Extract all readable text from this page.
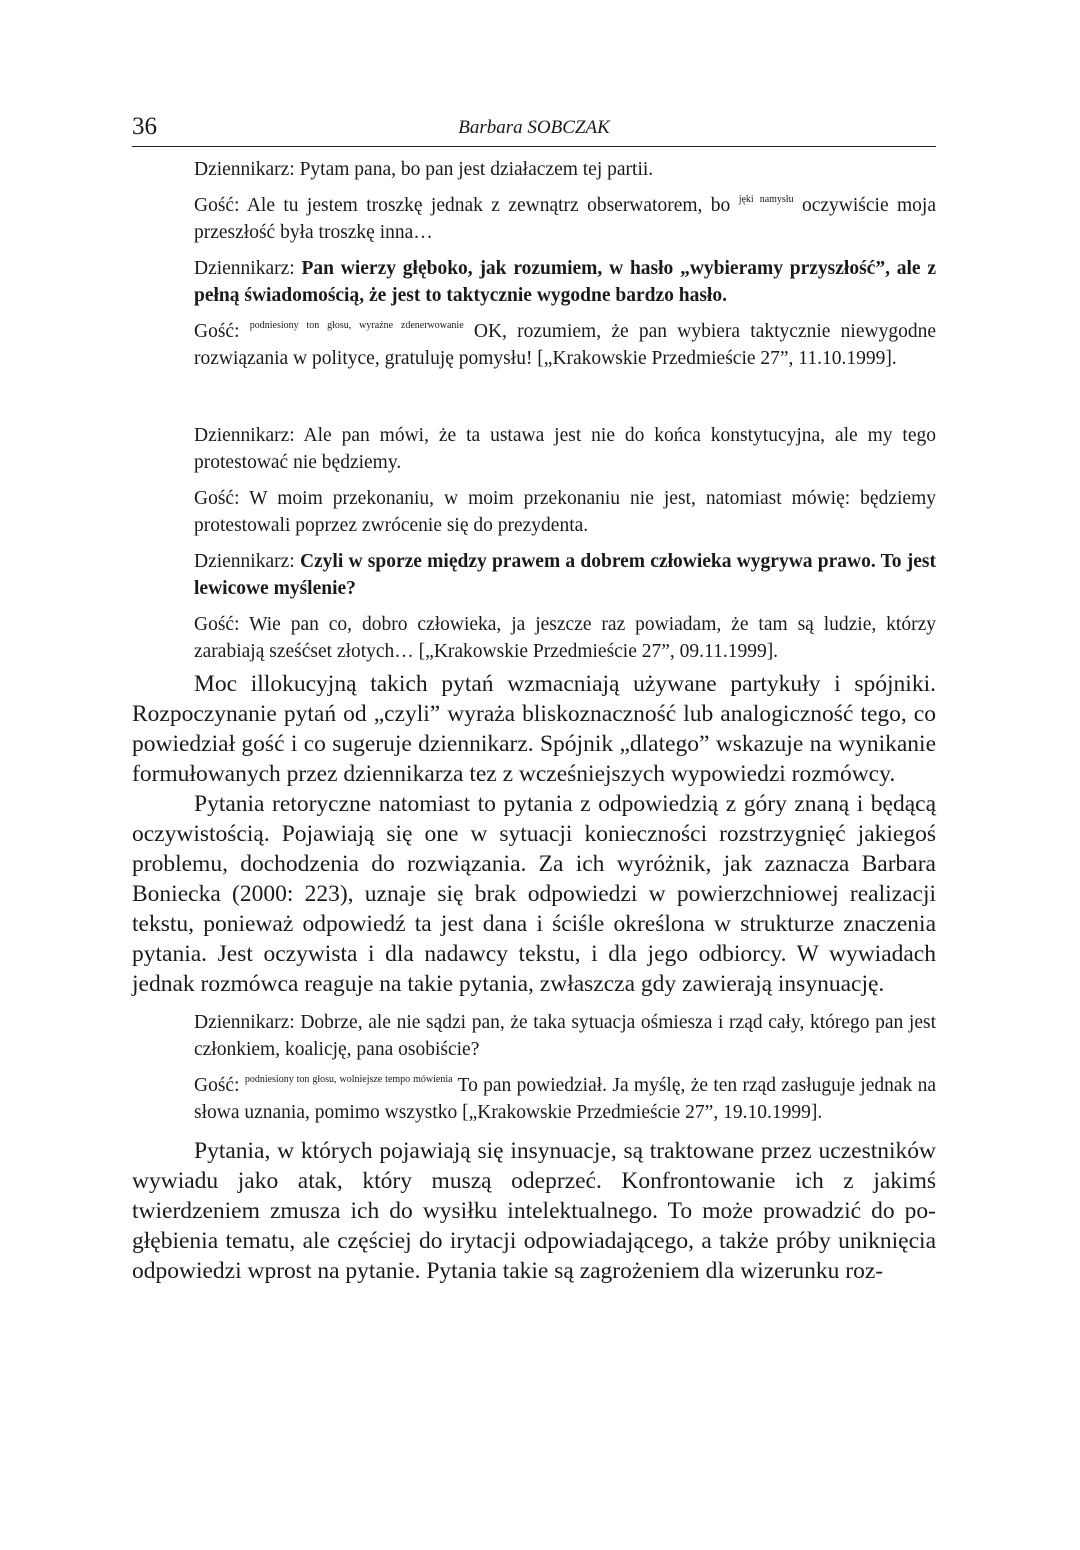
36	Barbara SOBCZAK

Dziennikarz: Pytam pana, bo pan jest działaczem tej partii.

Gość: Ale tu jestem troszkę jednak z zewnątrz obserwatorem, bo $^{jęki namysłu}$ oczywiście moja przeszłość była troszkę inna…

Dziennikarz: Pan wierzy głęboko, jak rozumiem, w hasło „wybieramy przyszłość”, ale z pełną świadomością, że jest to taktycznie wygodne bardzo hasło.

Gość: $^{podniesiony ton głosu, wyraźne zdenerwowanie}$ OK, rozumiem, że pan wybiera taktycznie niewygodne rozwiązania w polityce, gratuluję pomysłu! [„Krakowskie Przedmieście 27”, 11.10.1999].

Dziennikarz: Ale pan mówi, że ta ustawa jest nie do końca konstytucyjna, ale my tego protestować nie będziemy.

Gość: W moim przekonaniu, w moim przekonaniu nie jest, natomiast mówię: będziemy protestowali poprzez zwrócenie się do prezydenta.

Dziennikarz: Czyli w sporze między prawem a dobrem człowieka wygrywa prawo. To jest lewicowe myślenie?

Gość: Wie pan co, dobro człowieka, ja jeszcze raz powiadam, że tam są ludzie, którzy zarabiają sześćset złotych… [„Krakowskie Przedmieście 27”, 09.11.1999].

Moc illokucyjną takich pytań wzmacniają używane partykuły i spójniki. Rozpoczynanie pytań od „czyli” wyraża bliskoznaczność lub analogiczność tego, co powiedział gość i co sugeruje dziennikarz. Spójnik „dlatego” wskazuje na wynikanie formułowanych przez dziennikarza tez z wcześniejszych wypowiedzi rozmówcy.

Pytania retoryczne natomiast to pytania z odpowiedzią z góry znaną i będącą oczywistością. Pojawiają się one w sytuacji konieczności rozstrzygnięć jakiegoś problemu, dochodzenia do rozwiązania. Za ich wyróżnik, jak zaznacza Barbara Boniecka (2000: 223), uznaje się brak odpowiedzi w powierzchniowej realizacji tekstu, ponieważ odpowiedź ta jest dana i ściśle określona w strukturze znaczenia pytania. Jest oczywista i dla nadawcy tekstu, i dla jego odbiorcy. W wywiadach jednak rozmówca reaguje na takie pytania, zwłaszcza gdy zawierają insynuację.

Dziennikarz: Dobrze, ale nie sądzi pan, że taka sytuacja ośmiesza i rząd cały, którego pan jest członkiem, koalicję, pana osobiście?

Gość: $^{podniesiony ton głosu, wolniejsze tempo mówienia}$ To pan powiedział. Ja myślę, że ten rząd zasługuje jednak na słowa uznania, pomimo wszystko [„Krakowskie Przedmieście 27”, 19.10.1999].

Pytania, w których pojawiają się insynuacje, są traktowane przez uczestników wywiadu jako atak, który muszą odeprzeć. Konfrontowanie ich z jakimś twierdzeniem zmusza ich do wysiłku intelektualnego. To może prowadzić do pogłębienia tematu, ale częściej do irytacji odpowiadającego, a także próby uniknięcia odpowiedzi wprost na pytanie. Pytania takie są zagrożeniem dla wizerunku roz-
